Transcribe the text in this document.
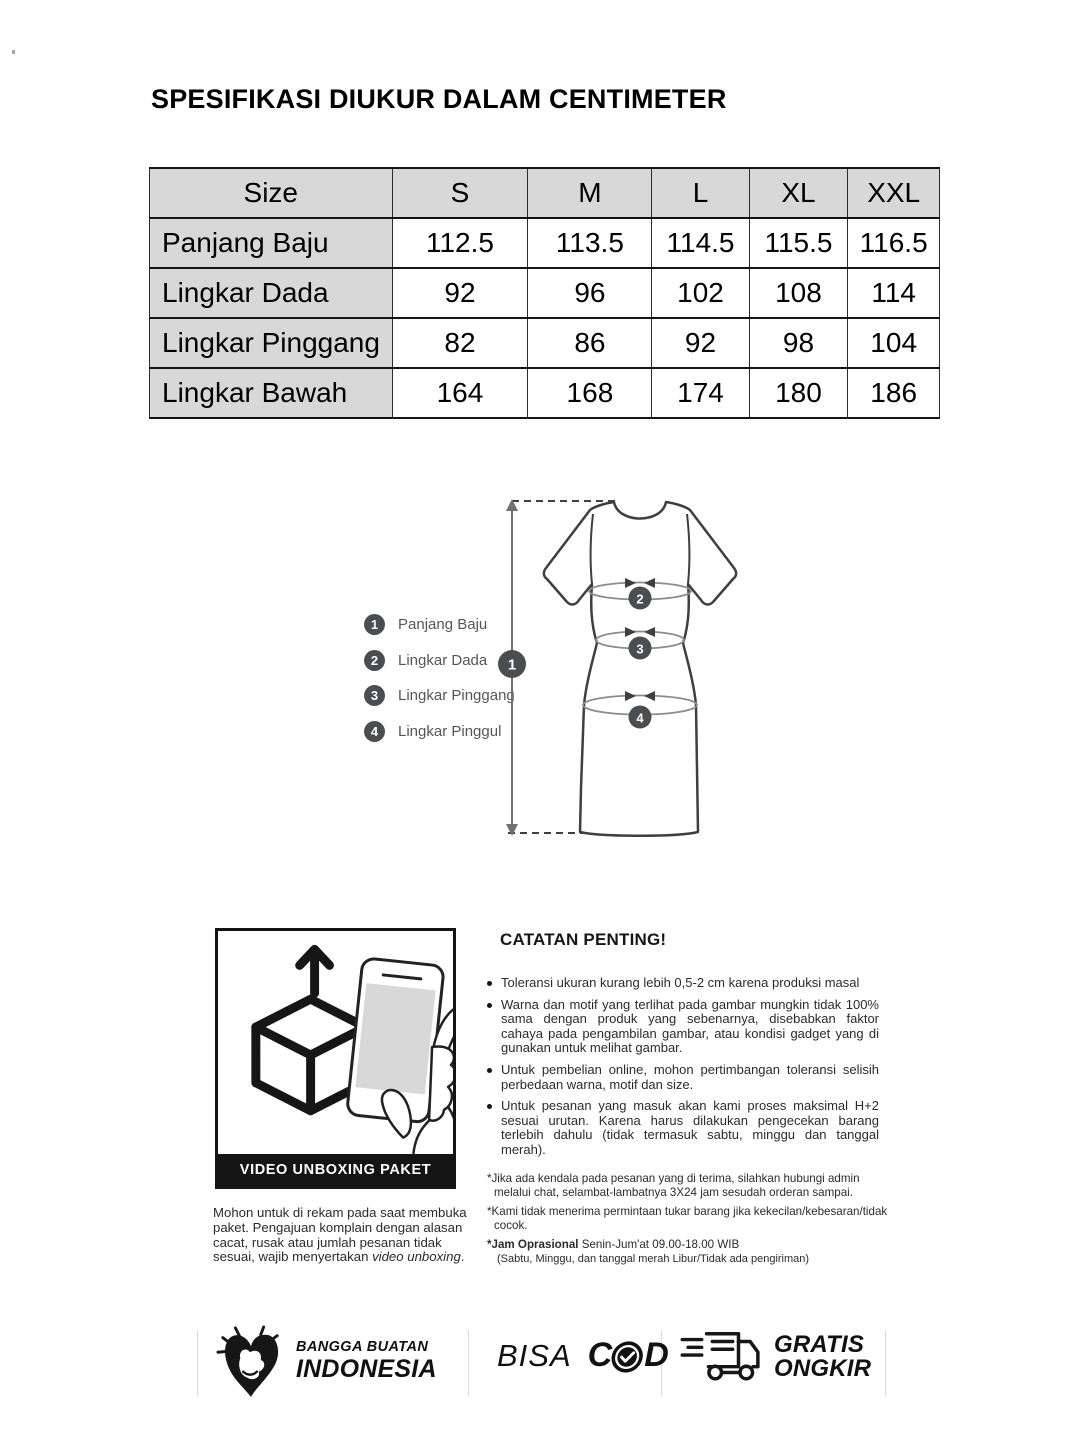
SPESIFIKASI DIUKUR DALAM CENTIMETER
Size	S	M	L	XL	XXL
Panjang Baju	112.5	113.5	114.5	115.5	116.5
Lingkar Dada	92	96	102	108	114
Lingkar Pinggang	82	86	92	98	104
Lingkar Bawah	164	168	174	180	186
1	Panjang Baju
2	Lingkar Dada
3	Lingkar Pinggang
4	Lingkar Pinggul
1
2
3
4
VIDEO UNBOXING PAKET
Mohon untuk di rekam pada saat membuka paket. Pengajuan komplain dengan alasan cacat, rusak atau jumlah pesanan tidak sesuai, wajib menyertakan video unboxing.
CATATAN PENTING!
Toleransi ukuran kurang lebih 0,5-2 cm karena produksi masal
Warna dan motif yang terlihat pada gambar mungkin tidak 100% sama dengan produk yang sebenarnya, disebabkan faktor cahaya pada pengambilan gambar, atau kondisi gadget yang di gunakan untuk melihat gambar.
Untuk pembelian online, mohon pertimbangan toleransi selisih perbedaan warna, motif dan size.
Untuk pesanan yang masuk akan kami proses maksimal H+2 sesuai urutan. Karena harus dilakukan pengecekan barang terlebih dahulu (tidak termasuk sabtu, minggu dan tanggal merah).
*Jika ada kendala pada pesanan yang di terima, silahkan hubungi admin melalui chat, selambat-lambatnya 3X24 jam sesudah orderan sampai.
*Kami tidak menerima permintaan tukar barang jika kekecilan/kebesaran/tidak cocok.
*Jam Oprasional Senin-Jum'at 09.00-18.00 WIB
(Sabtu, Minggu, dan tanggal merah Libur/Tidak ada pengiriman)
BANGGA BUATAN
INDONESIA BISA C D	GRATIS
ONGKIR
